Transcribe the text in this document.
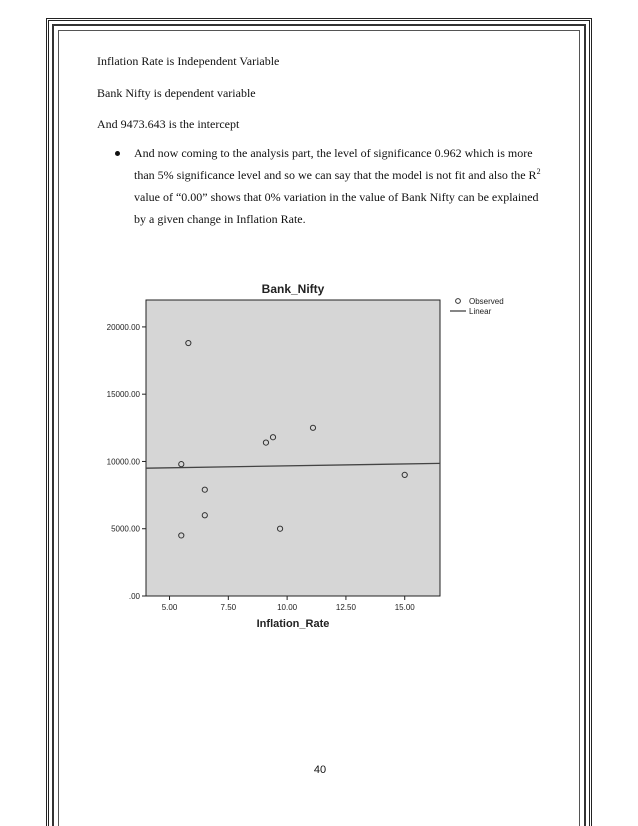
Inflation Rate is Independent Variable
Bank Nifty is dependent variable
And 9473.643 is the intercept
And now coming to the analysis part, the level of significance 0.962 which is more
than 5% significance level and so we can say that the model is not fit and also the $R^2$
value of “0.00” shows that 0% variation in the value of Bank Nifty can be explained
by a given change in Inflation Rate.
Bank_Nifty
.00
5000.00
10000.00
15000.00
20000.00
5.00	7.50	10.00	12.50	15.00
Inflation_Rate
Observed
Linear
40
